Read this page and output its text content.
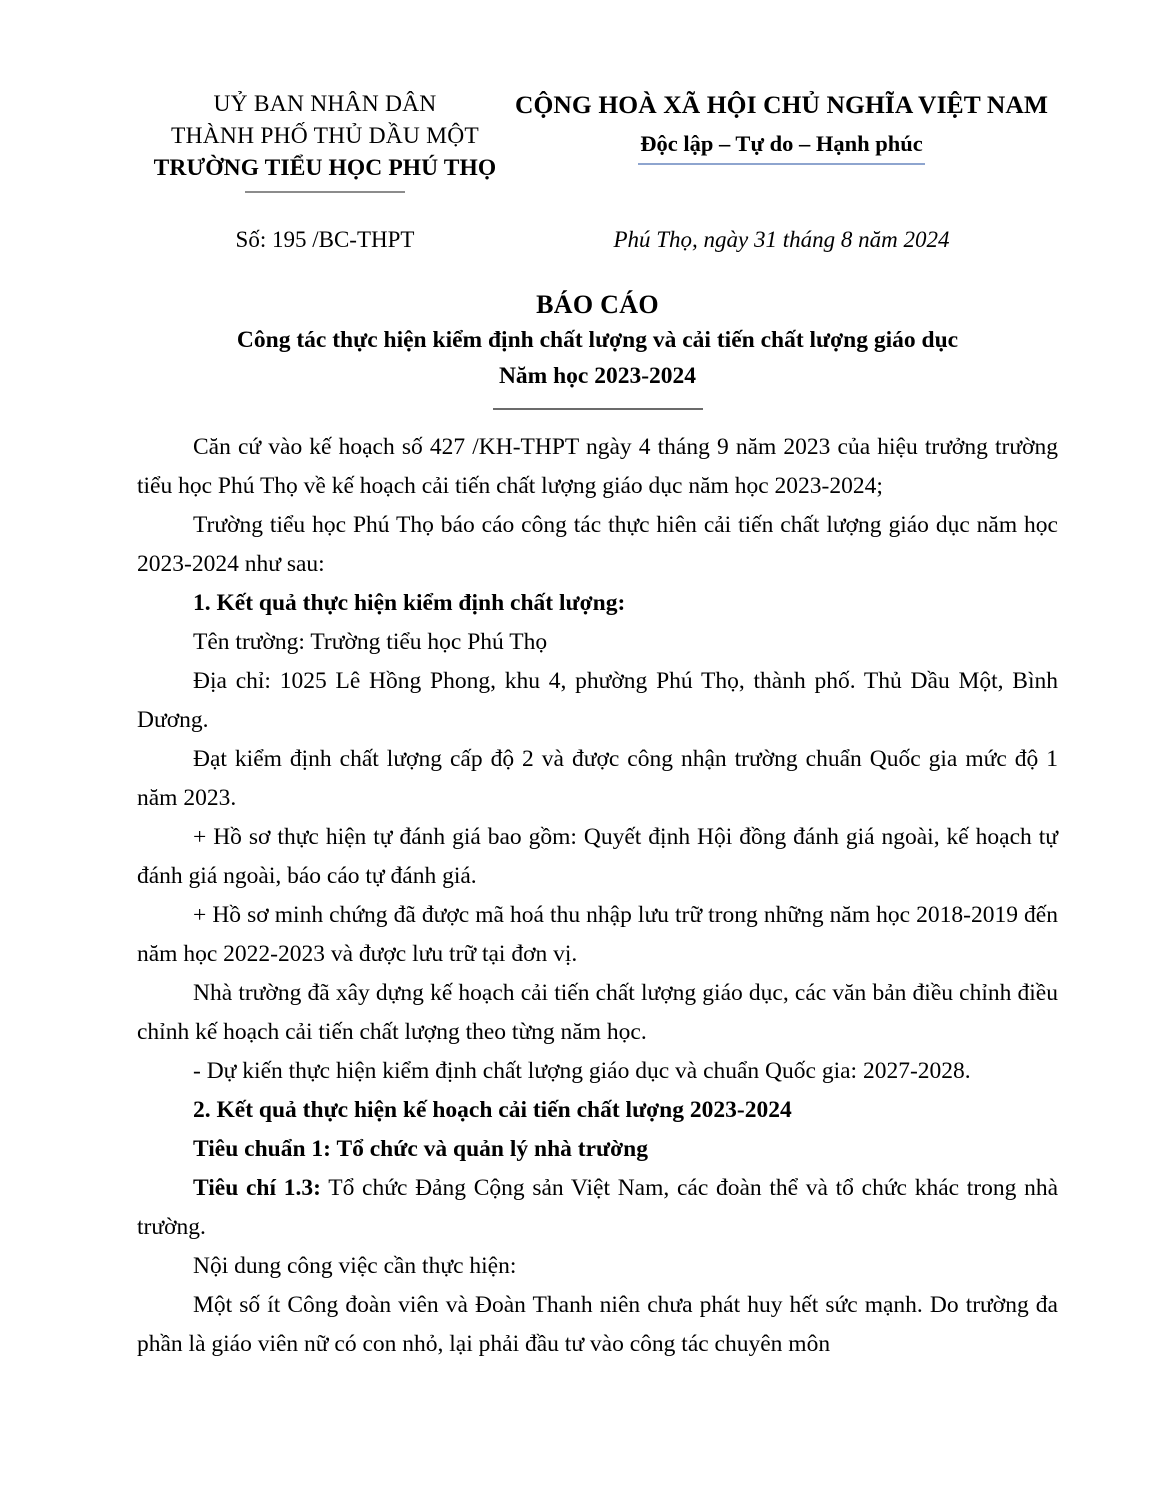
UỶ BAN NHÂN DÂN
THÀNH PHỐ THỦ DẦU MỘT
TRƯỜNG TIỂU HỌC PHÚ THỌ
CỘNG HOÀ XÃ HỘI CHỦ NGHĨA VIỆT NAM
Độc lập – Tự do – Hạnh phúc
Số: 195 /BC-THPT	Phú Thọ, ngày 31 tháng 8 năm 2024
BÁO CÁO
Công tác thực hiện kiểm định chất lượng và cải tiến chất lượng giáo dục
Năm học 2023-2024

Căn cứ vào kế hoạch số 427 /KH-THPT ngày 4 tháng 9 năm 2023 của hiệu trưởng trường tiểu học Phú Thọ về kế hoạch cải tiến chất lượng giáo dục năm học 2023-2024;

Trường tiểu học Phú Thọ báo cáo công tác thực hiên cải tiến chất lượng giáo dục năm học 2023-2024 như sau:

1. Kết quả thực hiện kiểm định chất lượng:

Tên trường: Trường tiểu học Phú Thọ

Địa chỉ: 1025 Lê Hồng Phong, khu 4, phường Phú Thọ, thành phố. Thủ Dầu Một, Bình Dương.

Đạt kiểm định chất lượng cấp độ 2 và được công nhận trường chuẩn Quốc gia mức độ 1 năm 2023.

+ Hồ sơ thực hiện tự đánh giá bao gồm: Quyết định Hội đồng đánh giá ngoài, kế hoạch tự đánh giá ngoài, báo cáo tự đánh giá.

+ Hồ sơ minh chứng đã được mã hoá thu nhập lưu trữ trong những năm học 2018-2019 đến năm học 2022-2023 và được lưu trữ tại đơn vị.

Nhà trường đã xây dựng kế hoạch cải tiến chất lượng giáo dục, các văn bản điều chỉnh điều chỉnh kế hoạch cải tiến chất lượng theo từng năm học.

- Dự kiến thực hiện kiểm định chất lượng giáo dục và chuẩn Quốc gia: 2027-2028.

2. Kết quả thực hiện kế hoạch cải tiến chất lượng 2023-2024

Tiêu chuẩn 1: Tổ chức và quản lý nhà trường

Tiêu chí 1.3: Tổ chức Đảng Cộng sản Việt Nam, các đoàn thể và tổ chức khác trong nhà trường.

Nội dung công việc cần thực hiện:

Một số ít Công đoàn viên và Đoàn Thanh niên chưa phát huy hết sức mạnh. Do trường đa phần là giáo viên nữ có con nhỏ, lại phải đầu tư vào công tác chuyên môn
